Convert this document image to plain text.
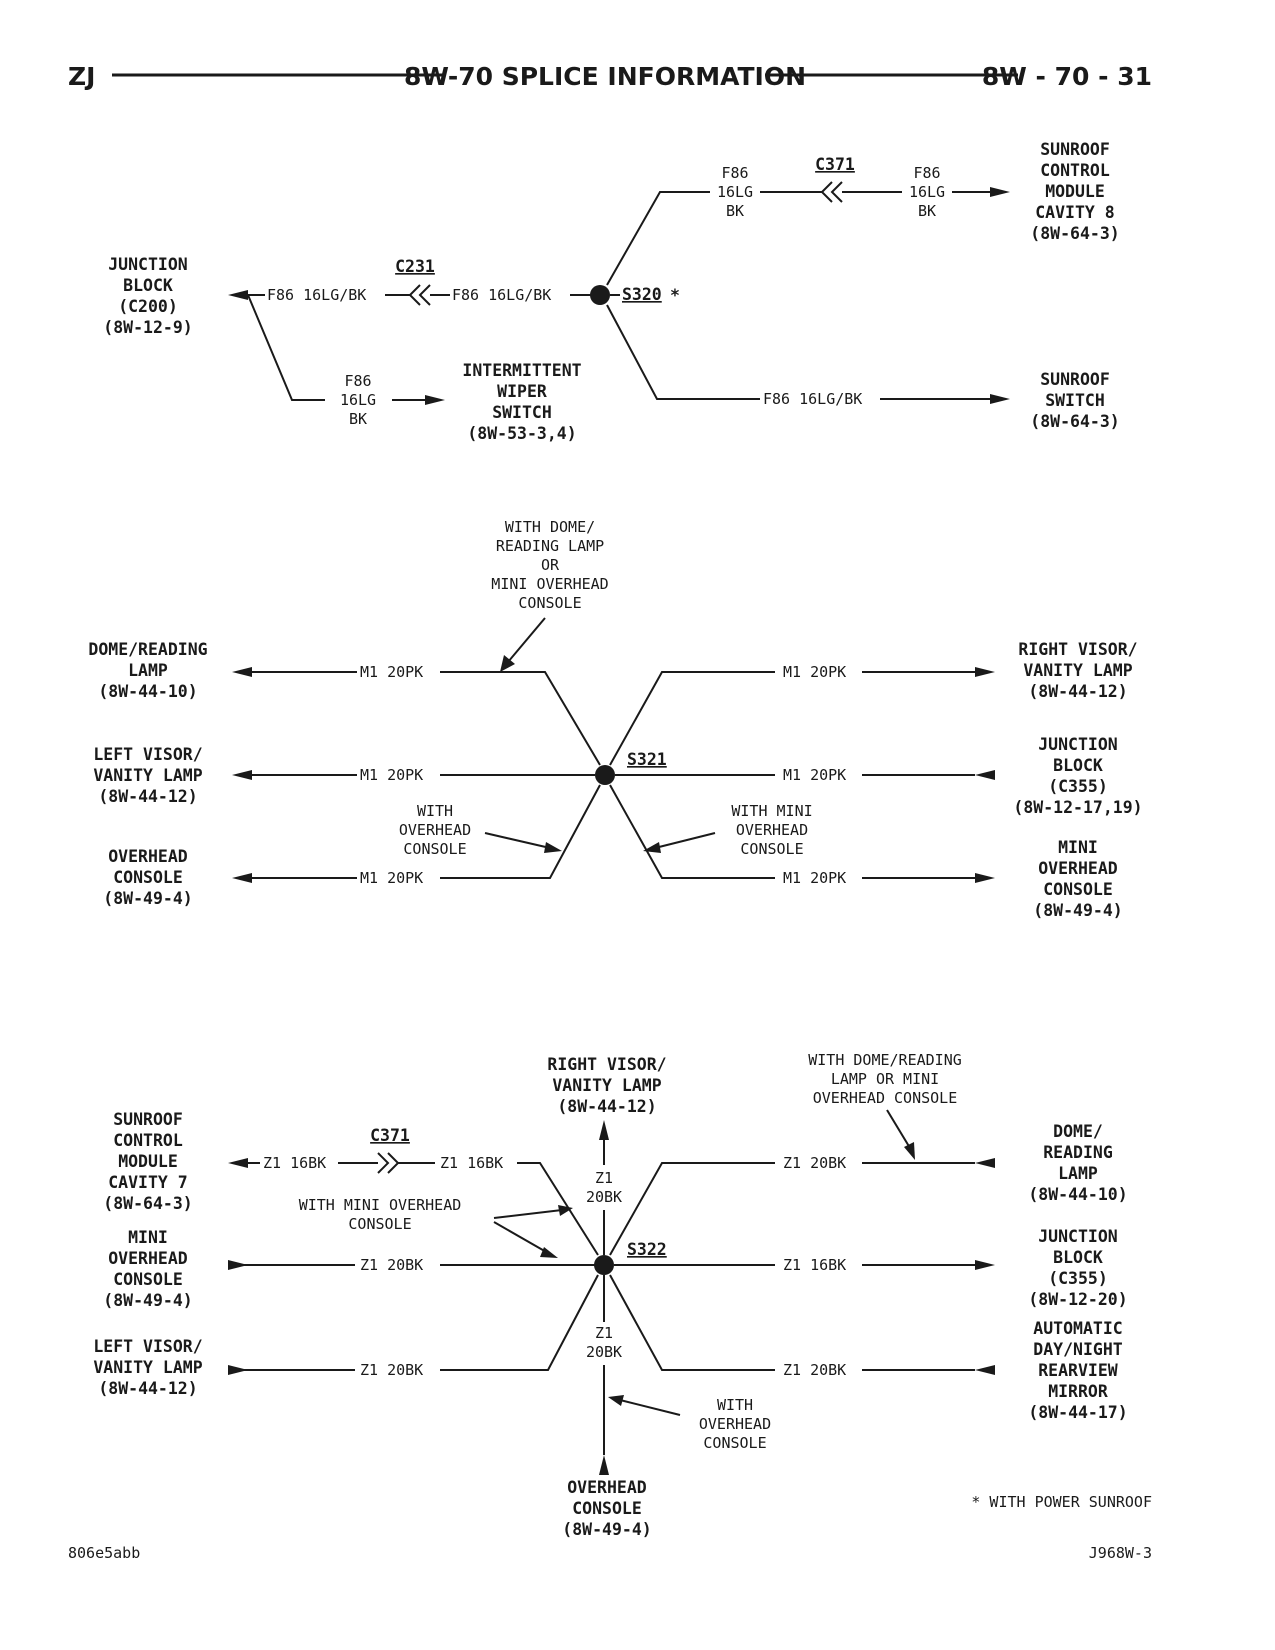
ZJ	8W-70 SPLICE INFORMATION	8W - 70 - 31
JUNCTION
BLOCK
(C200)
(8W-12-9)
F86 16LG/BK
C231
F86 16LG/BK	S320 *
F86
16LG
BK
INTERMITTENT
WIPER
SWITCH
(8W-53-3,4)
F86
16LG
BK
C371	F86
16LG
BK
SUNROOF
CONTROL
MODULE
CAVITY 8
(8W-64-3)
F86 16LG/BK
SUNROOF
SWITCH
(8W-64-3)
WITH DOME/
READING LAMP
OR
MINI OVERHEAD
CONSOLE
DOME/READING
LAMP
(8W-44-10)
LEFT VISOR/
VANITY LAMP
(8W-44-12)
OVERHEAD
CONSOLE
(8W-49-4)
M1 20PK
M1 20PK
M1 20PK
S321
M1 20PK
M1 20PK
M1 20PK
RIGHT VISOR/
VANITY LAMP
(8W-44-12)
JUNCTION
BLOCK
(C355)
(8W-12-17,19)
MINI
OVERHEAD
CONSOLE
(8W-49-4)
WITH
OVERHEAD
CONSOLE
WITH MINI
OVERHEAD
CONSOLE
SUNROOF
CONTROL
MODULE
CAVITY 7
(8W-64-3)
MINI
OVERHEAD
CONSOLE
(8W-49-4)
LEFT VISOR/
VANITY LAMP
(8W-44-12)
Z1 16BK
C371
Z1 16BK
Z1 20BK
Z1 20BK
S322
Z1
20BK
RIGHT VISOR/
VANITY LAMP
(8W-44-12)
Z1
20BK
OVERHEAD
CONSOLE
(8W-49-4)
Z1 20BK
Z1 16BK
Z1 20BK
DOME/
READING
LAMP
(8W-44-10)
JUNCTION
BLOCK
(C355)
(8W-12-20)
AUTOMATIC
DAY/NIGHT
REARVIEW
MIRROR
(8W-44-17)
WITH DOME/READING
LAMP OR MINI
OVERHEAD CONSOLE
WITH MINI OVERHEAD
CONSOLE
WITH
OVERHEAD
CONSOLE
* WITH POWER SUNROOF
806e5abb	J968W-3
